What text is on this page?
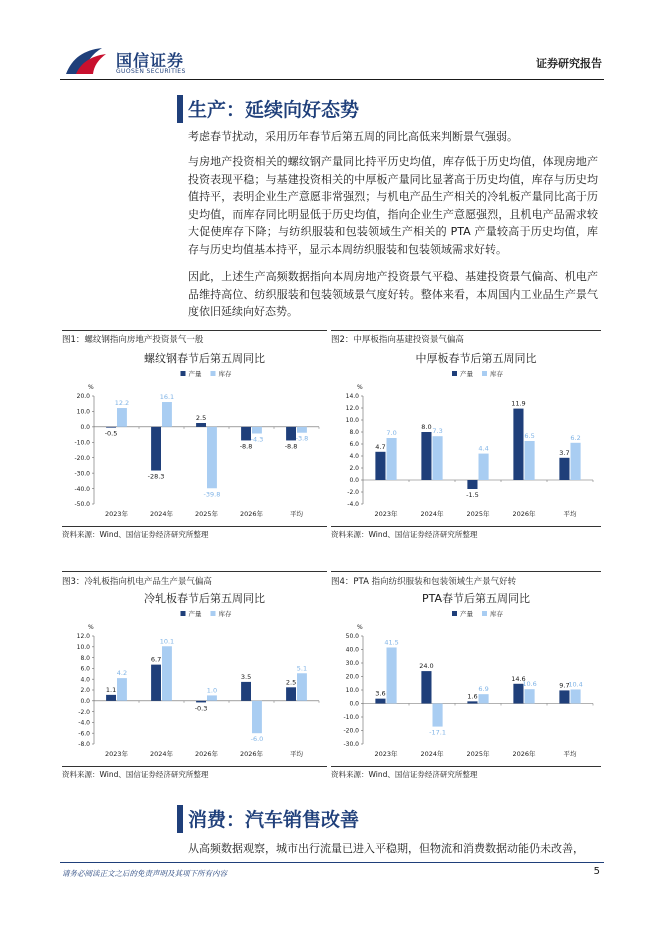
国信证券
GUOSEN SECURITIES
证券研究报告
生产：延续向好态势
考虑春节扰动，采用历年春节后第五周的同比高低来判断景气强弱。
与房地产投资相关的螺纹钢产量同比持平历史均值，库存低于历史均值，体现房地产投资表现平稳；与基建投资相关的中厚板产量同比显著高于历史均值，库存与历史均值持平，表明企业生产意愿非常强烈；与机电产品生产相关的冷轧板产量同比高于历史均值，而库存同比明显低于历史均值，指向企业生产意愿强烈，且机电产品需求较大促使库存下降；与纺织服装和包装领域生产相关的 PTA 产量较高于历史均值，库存与历史均值基本持平，显示本周纺织服装和包装领域需求好转。
因此，上述生产高频数据指向本周房地产投资景气平稳、基建投资景气偏高、机电产品维持高位、纺织服装和包装领域景气度好转。整体来看，本周国内工业品生产景气度依旧延续向好态势。
图1：螺纹钢指向房地产投资景气一般
螺纹钢春节后第五周同比
产量	库存
%
-50.0
-40.0
-30.0
-20.0
-10.0
0.0
10.0
20.0
2023年
-0.5
12.2
2024年
-28.3
16.1
2025年
2.5
-39.8
2026年
-8.8
-4.3
平均
-8.8
-3.8
资料来源：Wind、国信证券经济研究所整理
图2：中厚板指向基建投资景气偏高
中厚板春节后第五周同比
产量	库存
%
-4.0
-2.0
0.0
2.0
4.0
6.0
8.0
10.0
12.0
14.0
2023年
4.7
7.0
2024年
8.0
7.3
2025年
-1.5
4.4
2026年
11.9
6.5
平均
3.7
6.2
资料来源：Wind、国信证券经济研究所整理
图3：冷轧板指向机电产品生产景气偏高
冷轧板春节后第五周同比
产量	库存
%
-8.0
-6.0
-4.0
-2.0
0.0
2.0
4.0
6.0
8.0
10.0
12.0
2023年
1.1
4.2
2024年
6.7
10.1
2026年
-0.3
1.0
2026年
3.5
-6.0
平均
2.5
5.1
资料来源：Wind、国信证券经济研究所整理
图4：PTA 指向纺织服装和包装领域生产景气好转
PTA春节后第五周同比
产量	库存
%
-30.0
-20.0
-10.0
0.0
10.0
20.0
30.0
40.0
50.0
2023年
3.6
41.5
2024年
24.0
-17.1
2025年
1.6
6.9
2026年
14.6
10.6
平均
9.7
10.4
资料来源：Wind、国信证券经济研究所整理
消费：汽车销售改善
从高频数据观察，城市出行流量已进入平稳期，但物流和消费数据动能仍未改善，
请务必阅读正文之后的免责声明及其项下所有内容	5
